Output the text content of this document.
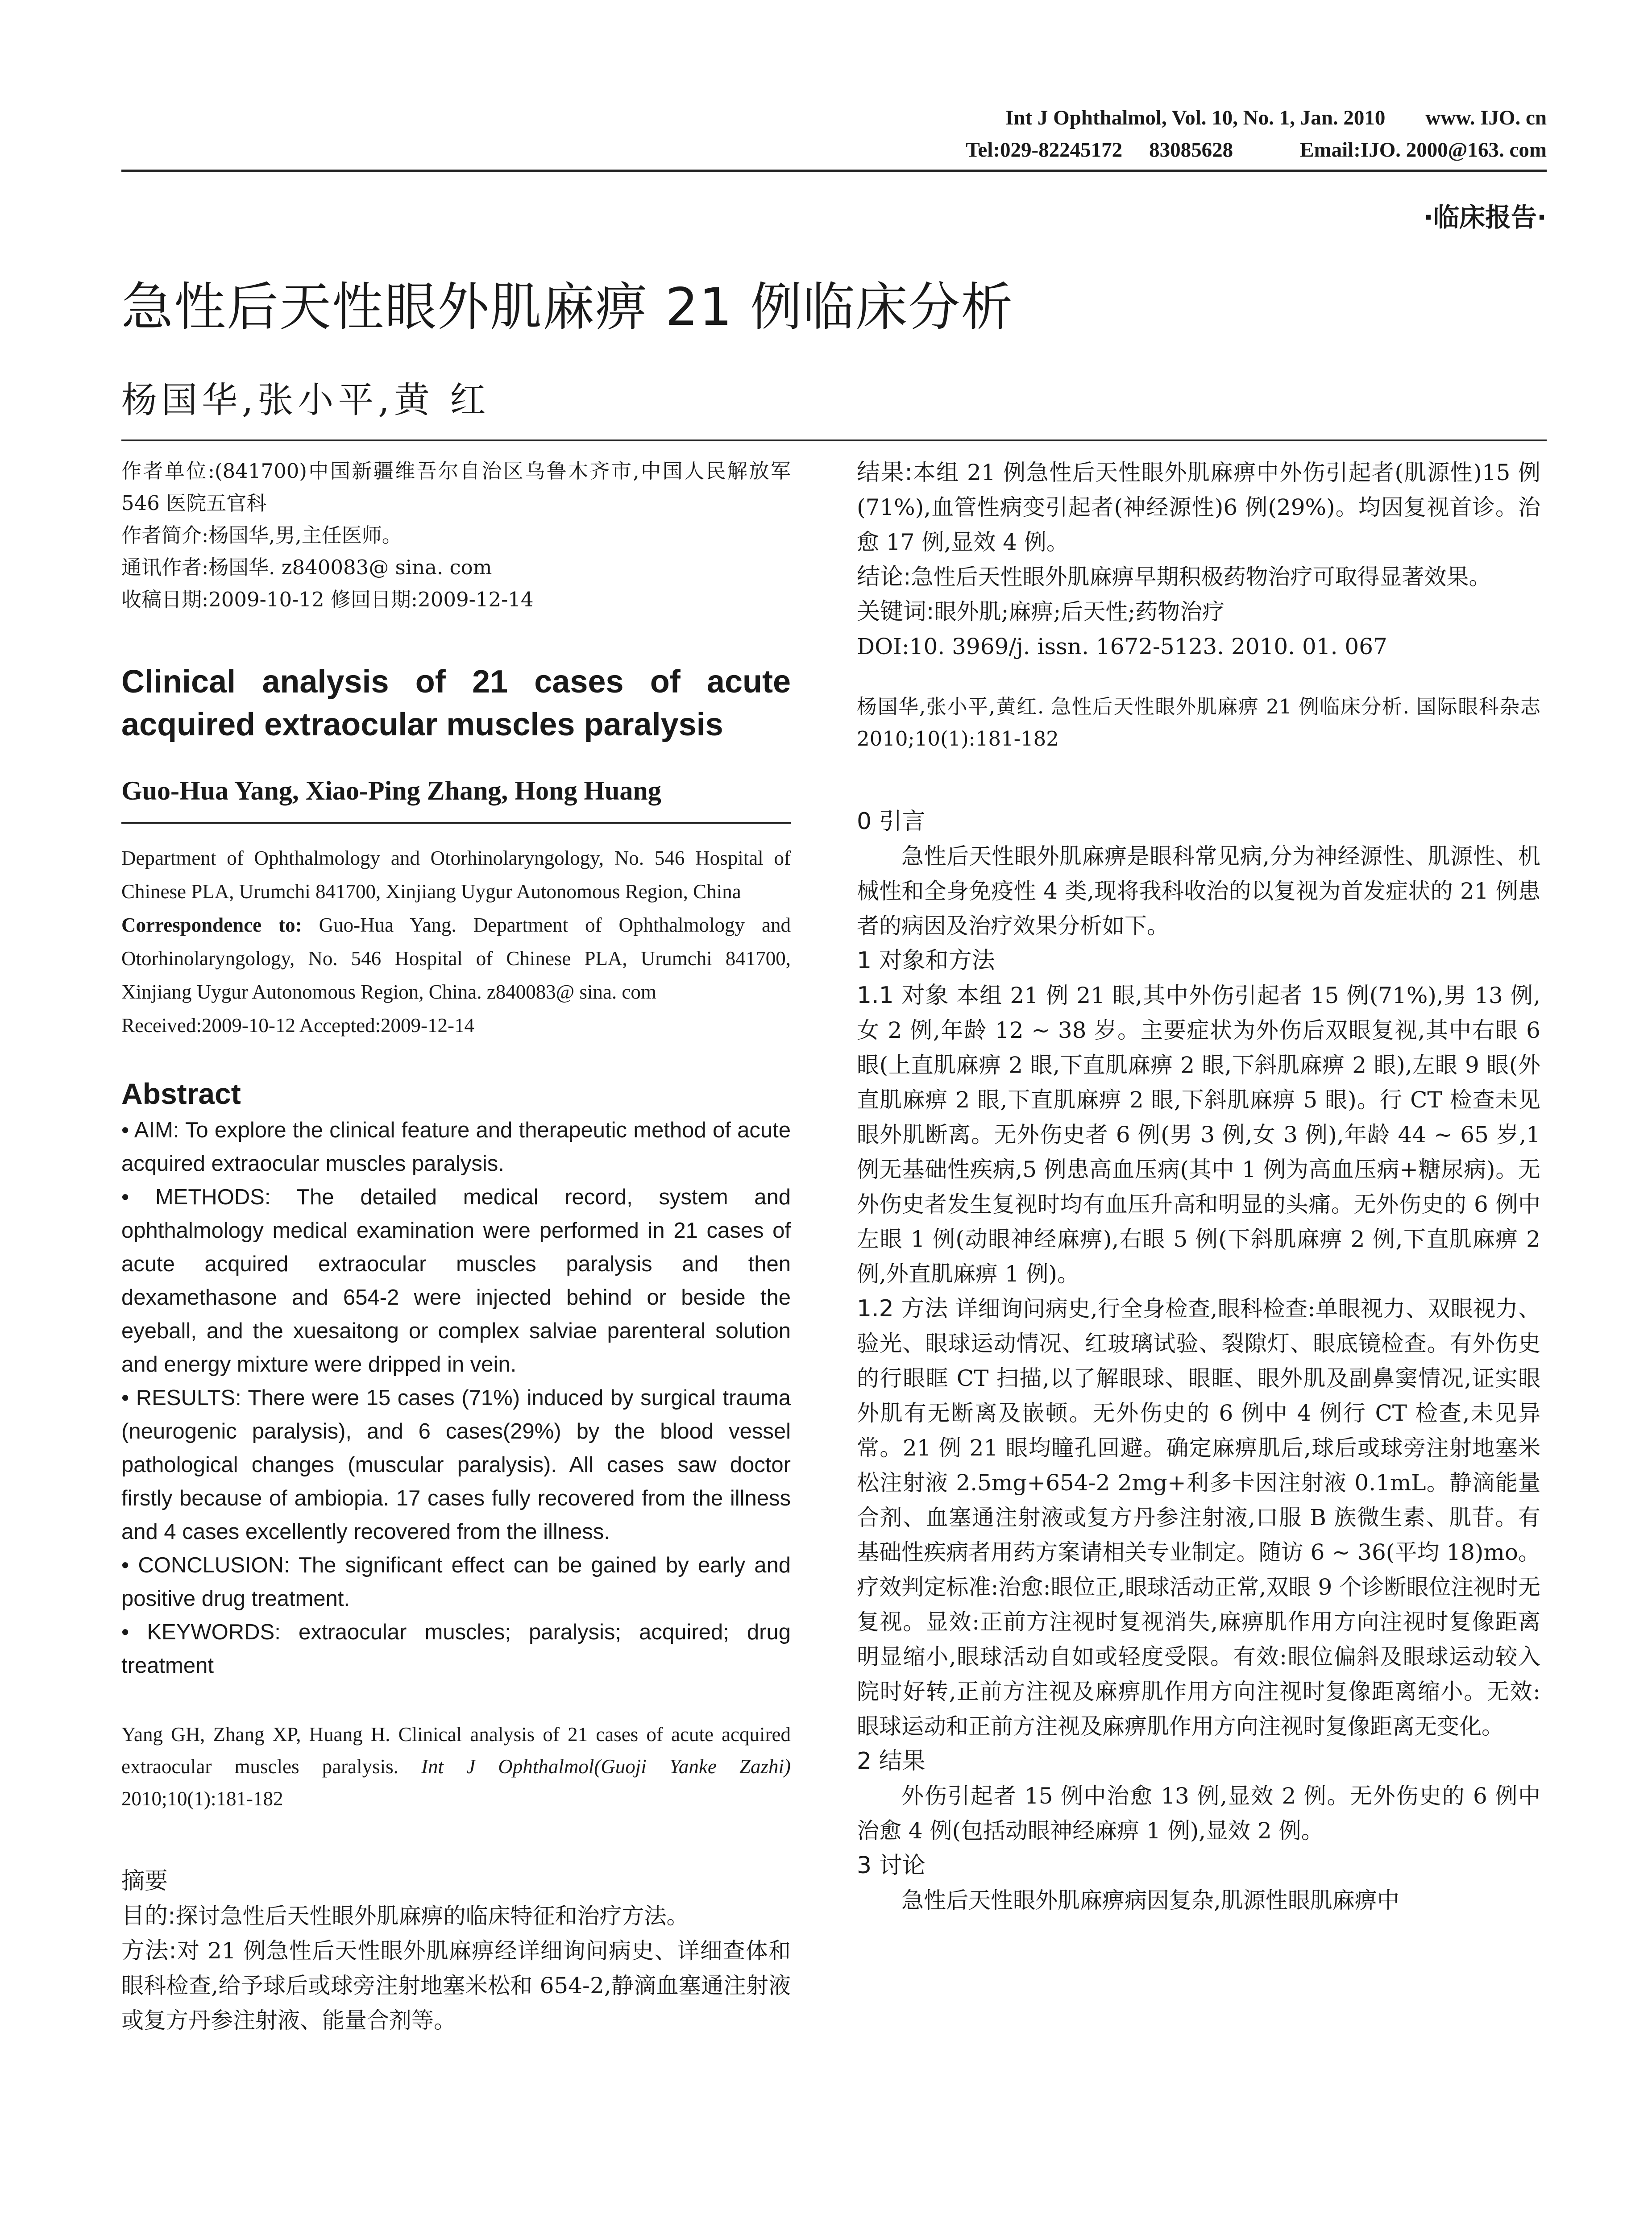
Int J Ophthalmol, Vol. 10, No. 1, Jan. 2010 www. IJO. cn
Tel:029-82245172 83085628	Email:IJO. 2000@163. com
·临床报告·
急性后天性眼外肌麻痹 21 例临床分析
杨国华,张小平,黄 红

作者单位:(841700)中国新疆维吾尔自治区乌鲁木齐市,中国人民解放军 546 医院五官科

作者简介:杨国华,男,主任医师。

通讯作者:杨国华. z840083@ sina. com

收稿日期:2009-10-12 修回日期:2009-12-14

Clinical analysis of 21 cases of acute acquired extraocular muscles paralysis

Guo-Hua Yang, Xiao-Ping Zhang, Hong Huang

Department of Ophthalmology and Otorhinolaryngology, No. 546 Hospital of Chinese PLA, Urumchi 841700, Xinjiang Uygur Autonomous Region, China

Correspondence to: Guo-Hua Yang. Department of Ophthalmology and Otorhinolaryngology, No. 546 Hospital of Chinese PLA, Urumchi 841700, Xinjiang Uygur Autonomous Region, China. z840083@ sina. com

Received:2009-10-12 Accepted:2009-12-14

Abstract

• AIM: To explore the clinical feature and therapeutic method of acute acquired extraocular muscles paralysis.

• METHODS: The detailed medical record, system and ophthalmology medical examination were performed in 21 cases of acute acquired extraocular muscles paralysis and then dexamethasone and 654-2 were injected behind or beside the eyeball, and the xuesaitong or complex salviae parenteral solution and energy mixture were dripped in vein.

• RESULTS: There were 15 cases (71%) induced by surgical trauma (neurogenic paralysis), and 6 cases(29%) by the blood vessel pathological changes (muscular paralysis). All cases saw doctor firstly because of ambiopia. 17 cases fully recovered from the illness and 4 cases excellently recovered from the illness.

• CONCLUSION: The significant effect can be gained by early and positive drug treatment.

• KEYWORDS: extraocular muscles; paralysis; acquired; drug treatment

Yang GH, Zhang XP, Huang H. Clinical analysis of 21 cases of acute acquired extraocular muscles paralysis. Int J Ophthalmol(Guoji Yanke Zazhi) 2010;10(1):181-182

摘要

目的:探讨急性后天性眼外肌麻痹的临床特征和治疗方法。

方法:对 21 例急性后天性眼外肌麻痹经详细询问病史、详细查体和眼科检查,给予球后或球旁注射地塞米松和 654-2,静滴血塞通注射液或复方丹参注射液、能量合剂等。

结果:本组 21 例急性后天性眼外肌麻痹中外伤引起者(肌源性)15 例(71%),血管性病变引起者(神经源性)6 例(29%)。均因复视首诊。治愈 17 例,显效 4 例。

结论:急性后天性眼外肌麻痹早期积极药物治疗可取得显著效果。

关键词:眼外肌;麻痹;后天性;药物治疗

DOI:10. 3969/j. issn. 1672-5123. 2010. 01. 067

杨国华,张小平,黄红. 急性后天性眼外肌麻痹 21 例临床分析. 国际眼科杂志 2010;10(1):181-182

0 引言

急性后天性眼外肌麻痹是眼科常见病,分为神经源性、肌源性、机械性和全身免疫性 4 类,现将我科收治的以复视为首发症状的 21 例患者的病因及治疗效果分析如下。

1 对象和方法

1.1 对象 本组 21 例 21 眼,其中外伤引起者 15 例(71%),男 13 例,女 2 例,年龄 12 ~ 38 岁。主要症状为外伤后双眼复视,其中右眼 6 眼(上直肌麻痹 2 眼,下直肌麻痹 2 眼,下斜肌麻痹 2 眼),左眼 9 眼(外直肌麻痹 2 眼,下直肌麻痹 2 眼,下斜肌麻痹 5 眼)。行 CT 检查未见眼外肌断离。无外伤史者 6 例(男 3 例,女 3 例),年龄 44 ~ 65 岁,1 例无基础性疾病,5 例患高血压病(其中 1 例为高血压病+糖尿病)。无外伤史者发生复视时均有血压升高和明显的头痛。无外伤史的 6 例中左眼 1 例(动眼神经麻痹),右眼 5 例(下斜肌麻痹 2 例,下直肌麻痹 2 例,外直肌麻痹 1 例)。

1.2 方法 详细询问病史,行全身检查,眼科检查:单眼视力、双眼视力、验光、眼球运动情况、红玻璃试验、裂隙灯、眼底镜检查。有外伤史的行眼眶 CT 扫描,以了解眼球、眼眶、眼外肌及副鼻窦情况,证实眼外肌有无断离及嵌顿。无外伤史的 6 例中 4 例行 CT 检查,未见异常。21 例 21 眼均瞳孔回避。确定麻痹肌后,球后或球旁注射地塞米松注射液 2.5mg+654-2 2mg+利多卡因注射液 0.1mL。静滴能量合剂、血塞通注射液或复方丹参注射液,口服 B 族微生素、肌苷。有基础性疾病者用药方案请相关专业制定。随访 6 ~ 36(平均 18)mo。疗效判定标准:治愈:眼位正,眼球活动正常,双眼 9 个诊断眼位注视时无复视。显效:正前方注视时复视消失,麻痹肌作用方向注视时复像距离明显缩小,眼球活动自如或轻度受限。有效:眼位偏斜及眼球运动较入院时好转,正前方注视及麻痹肌作用方向注视时复像距离缩小。无效:眼球运动和正前方注视及麻痹肌作用方向注视时复像距离无变化。

2 结果

外伤引起者 15 例中治愈 13 例,显效 2 例。无外伤史的 6 例中治愈 4 例(包括动眼神经麻痹 1 例),显效 2 例。

3 讨论

急性后天性眼外肌麻痹病因复杂,肌源性眼肌麻痹中
